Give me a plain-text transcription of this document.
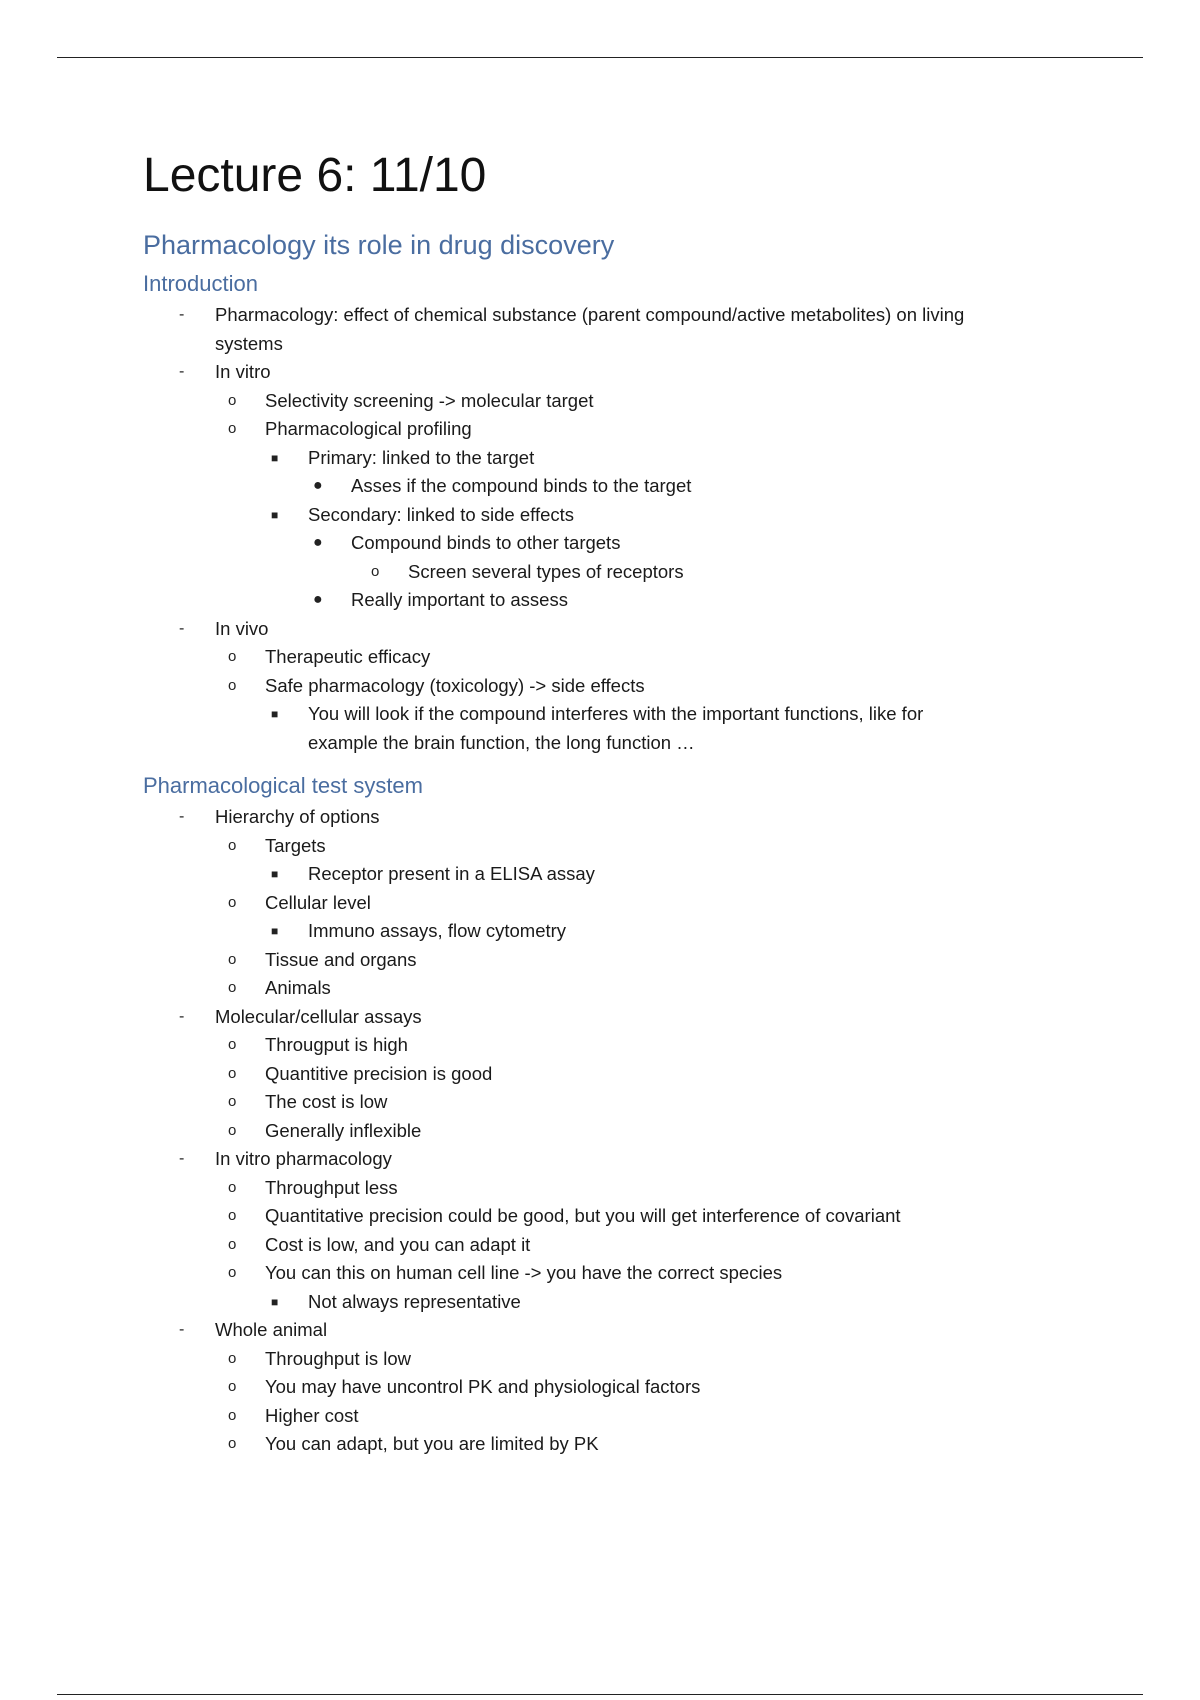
Lecture 6: 11/10
Pharmacology its role in drug discovery
Introduction
- Pharmacology: effect of chemical substance (parent compound/active metabolites) on living
systems
- In vitro
o Selectivity screening -> molecular target
o Pharmacological profiling
■ Primary: linked to the target
● Asses if the compound binds to the target
■ Secondary: linked to side effects
● Compound binds to other targets
o Screen several types of receptors
● Really important to assess
- In vivo
o Therapeutic efficacy
o Safe pharmacology (toxicology) -> side effects
■ You will look if the compound interferes with the important functions, like for
example the brain function, the long function …
Pharmacological test system
- Hierarchy of options
o Targets
■ Receptor present in a ELISA assay
o Cellular level
■ Immuno assays, flow cytometry
o Tissue and organs
o Animals
- Molecular/cellular assays
o Througput is high
o Quantitive precision is good
o The cost is low
o Generally inflexible
- In vitro pharmacology
o Throughput less
o Quantitative precision could be good, but you will get interference of covariant
o Cost is low, and you can adapt it
o You can this on human cell line -> you have the correct species
■ Not always representative
- Whole animal
o Throughput is low
o You may have uncontrol PK and physiological factors
o Higher cost
o You can adapt, but you are limited by PK
